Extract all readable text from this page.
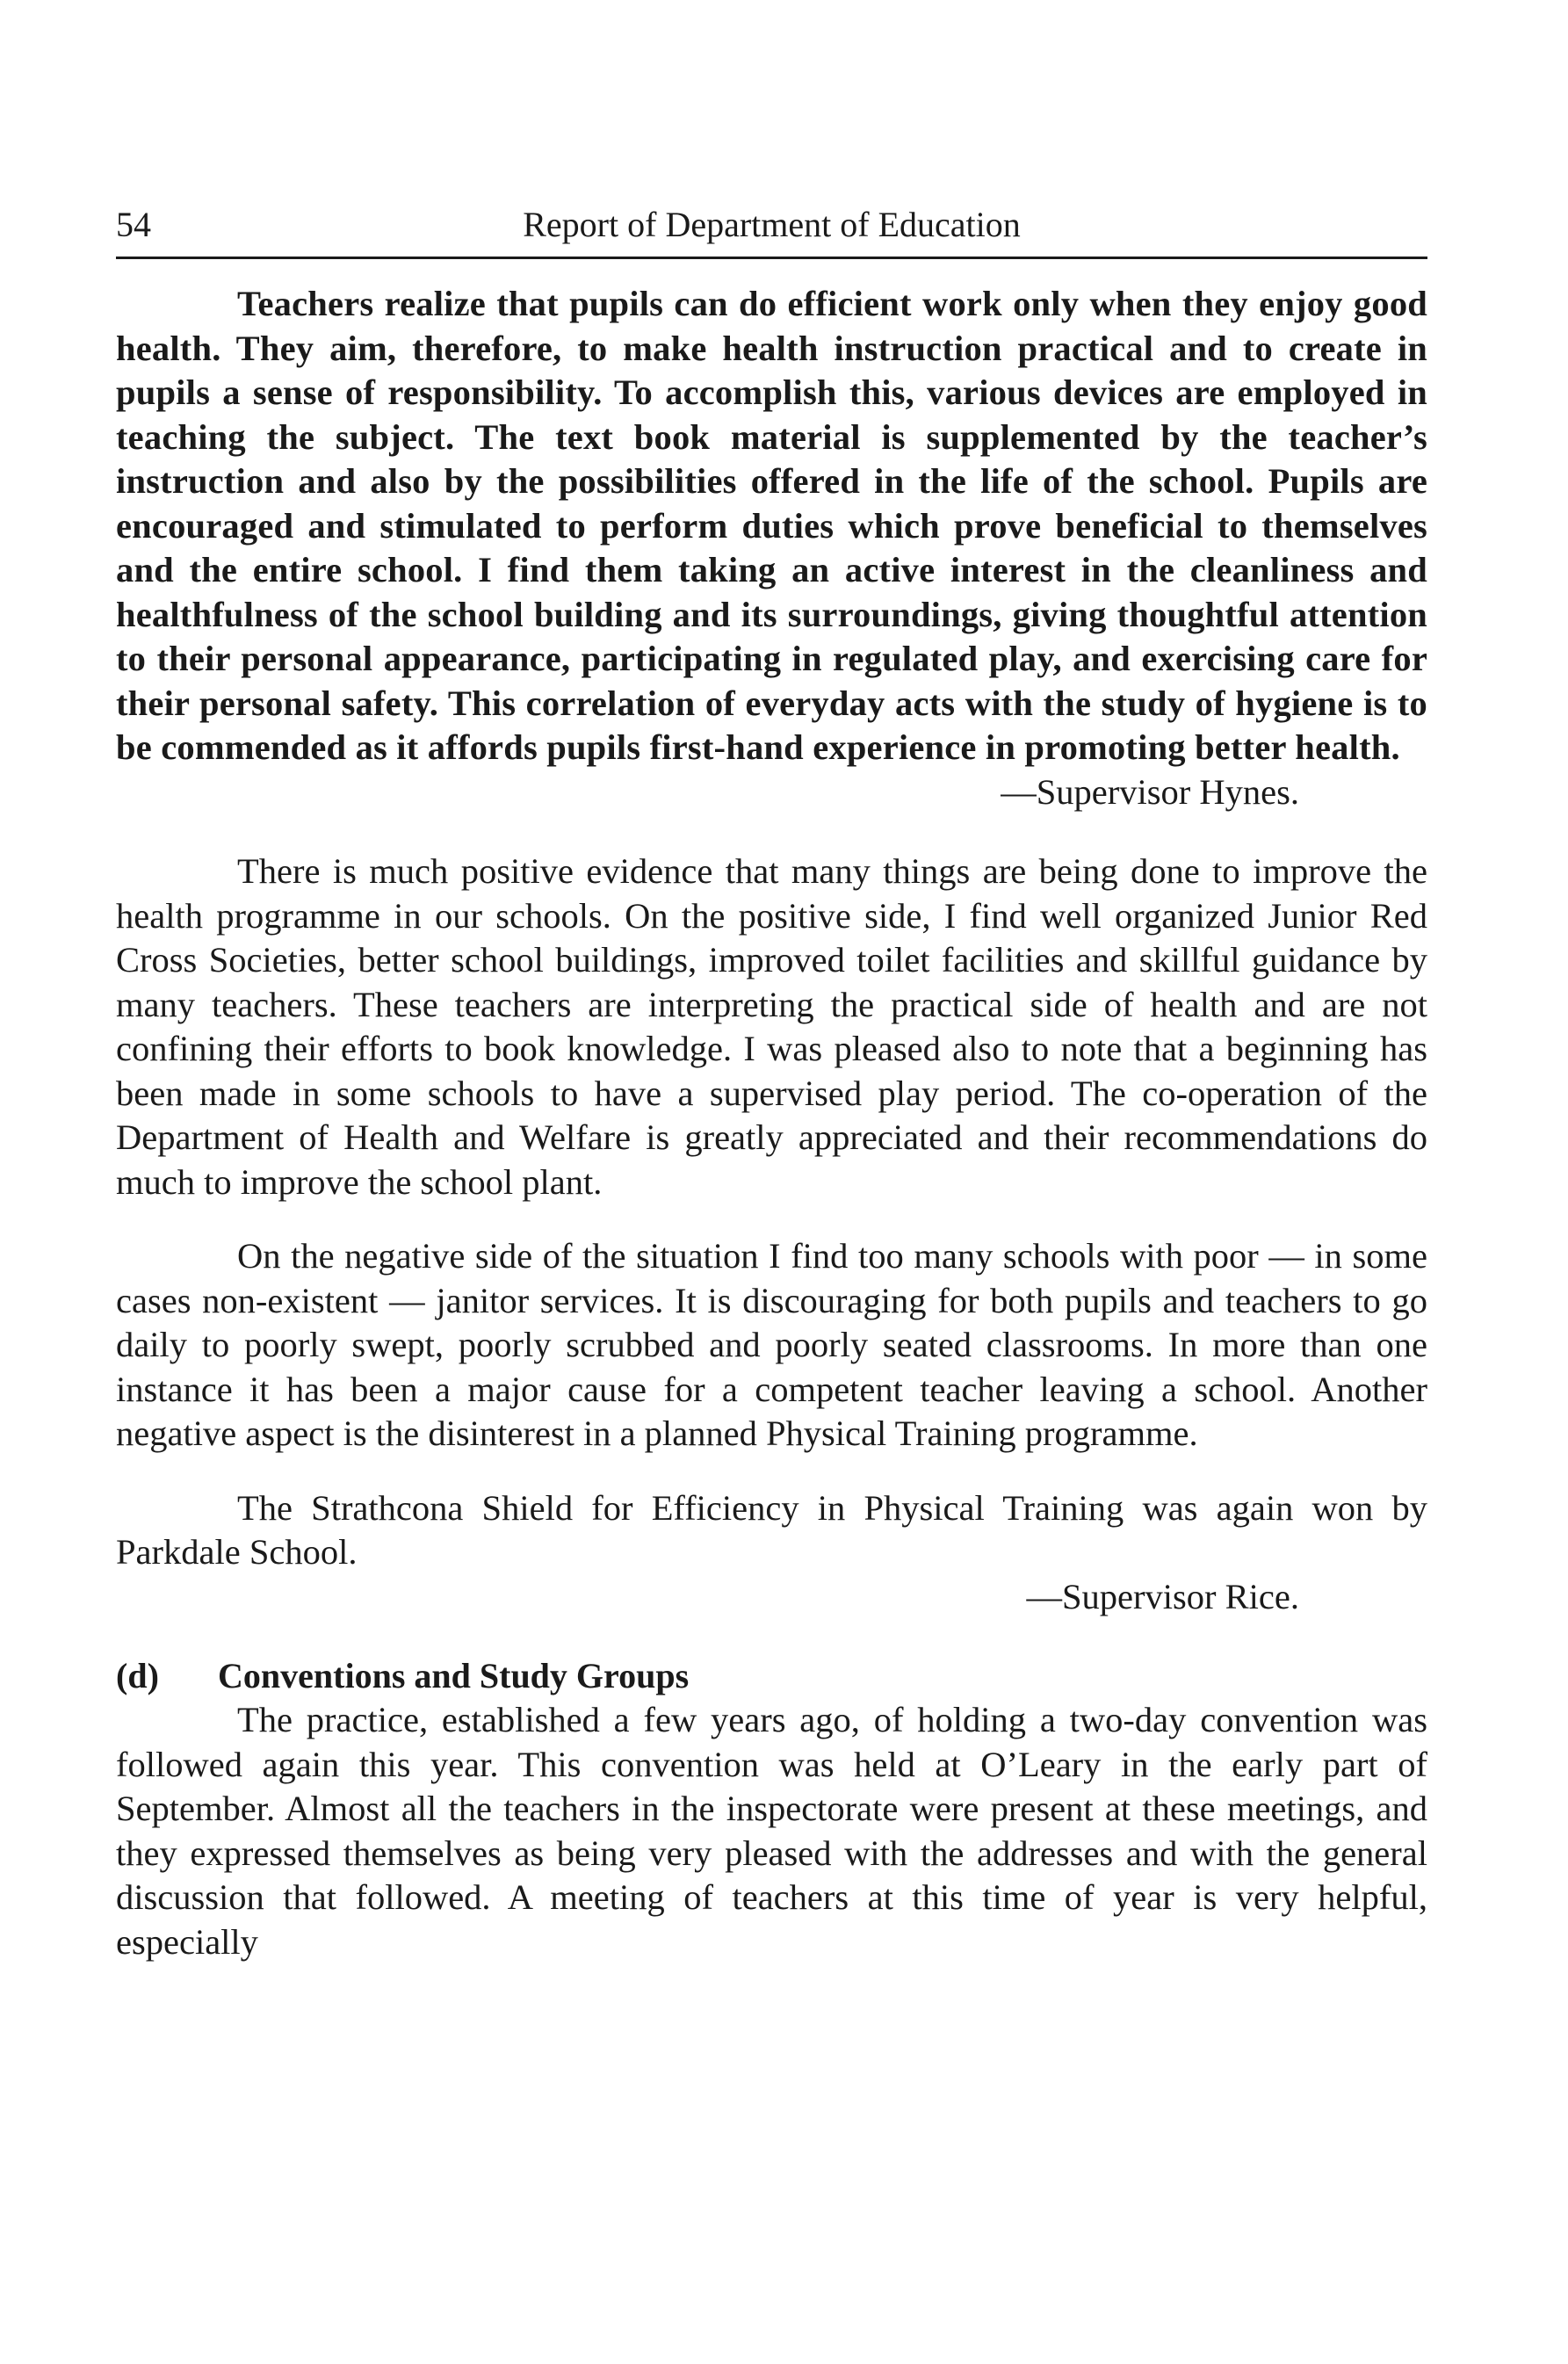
54	Report of Department of Education

Teachers realize that pupils can do efficient work only when they enjoy good health. They aim, therefore, to make health instruction practical and to create in pupils a sense of responsibility. To accomplish this, various devices are employed in teaching the subject. The text book material is supplemented by the teacher’s instruction and also by the possibilities offered in the life of the school. Pupils are encouraged and stimulated to perform duties which prove beneficial to themselves and the entire school. I find them taking an active interest in the cleanliness and healthfulness of the school building and its surroundings, giving thoughtful attention to their personal appearance, participating in regulated play, and exercising care for their personal safety. This correlation of everyday acts with the study of hygiene is to be commended as it affords pupils first-hand experience in promoting better health.

—Supervisor Hynes.

There is much positive evidence that many things are being done to improve the health programme in our schools. On the positive side, I find well organized Junior Red Cross Societies, better school buildings, improved toilet facilities and skillful guidance by many teachers. These teachers are interpreting the practical side of health and are not confining their efforts to book knowledge. I was pleased also to note that a beginning has been made in some schools to have a supervised play period. The co-operation of the Department of Health and Welfare is greatly appreciated and their recommendations do much to improve the school plant.

On the negative side of the situation I find too many schools with poor — in some cases non-existent — janitor services. It is discouraging for both pupils and teachers to go daily to poorly swept, poorly scrubbed and poorly seated classrooms. In more than one instance it has been a major cause for a competent teacher leaving a school. Another negative aspect is the disinterest in a planned Physical Training programme.

The Strathcona Shield for Efficiency in Physical Training was again won by Parkdale School.

—Supervisor Rice.

(d) Conventions and Study Groups

The practice, established a few years ago, of holding a two-day convention was followed again this year. This convention was held at O’Leary in the early part of September. Almost all the teachers in the inspectorate were present at these meetings, and they expressed themselves as being very pleased with the addresses and with the general discussion that followed. A meeting of teachers at this time of year is very helpful, especially
